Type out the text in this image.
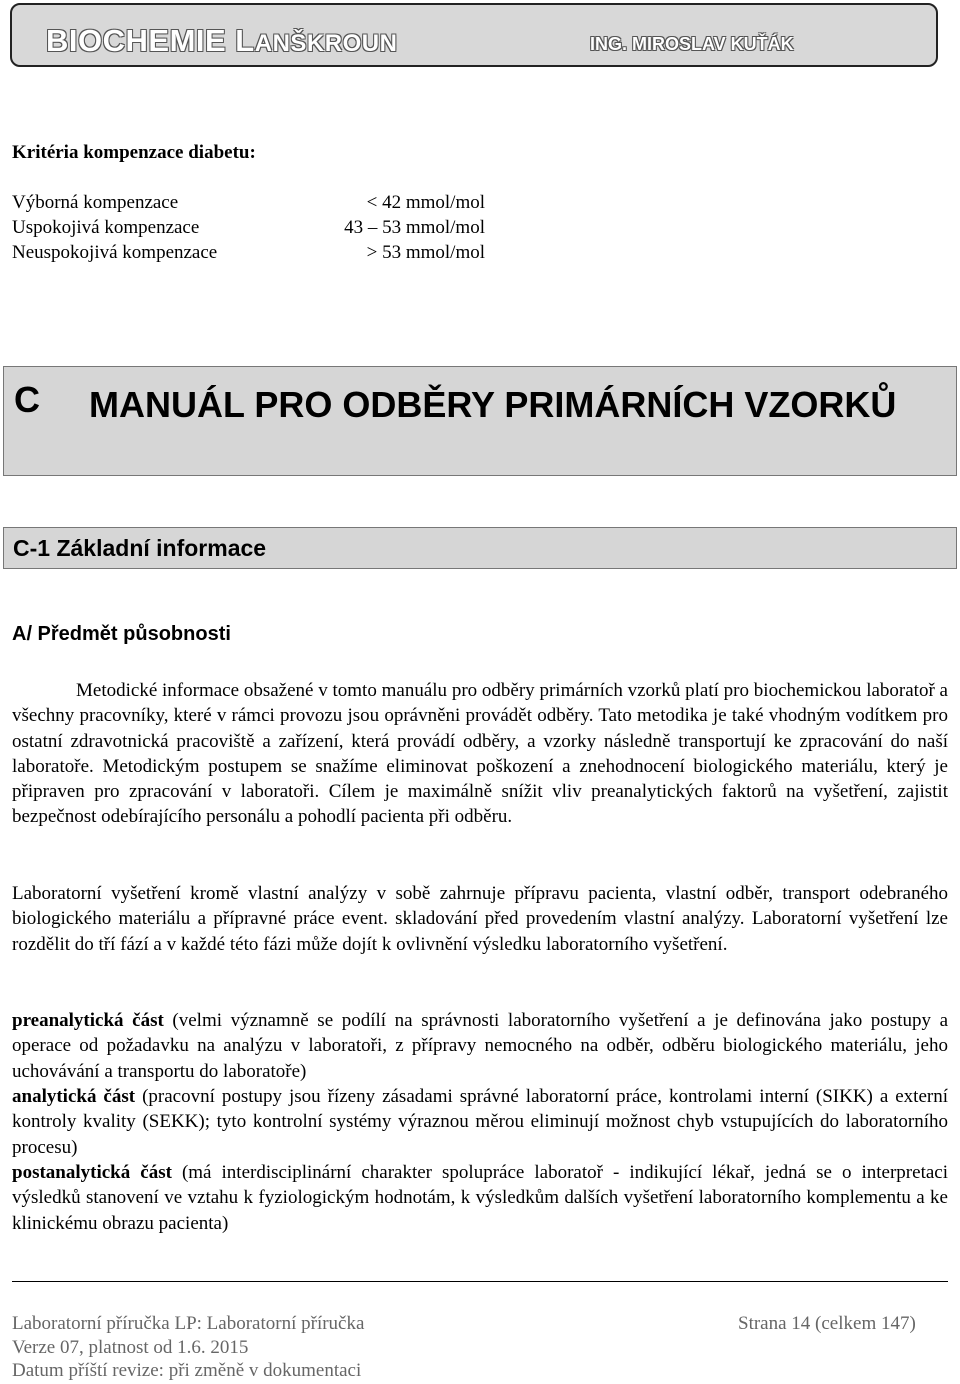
BIOCHEMIE LANŠKROUN	ING. MIROSLAV KUŤÁK
Kritéria kompenzace diabetu:
Výborná kompenzace	< 42 mmol/mol
Uspokojivá kompenzace	43 – 53 mmol/mol
Neuspokojivá kompenzace	> 53 mmol/mol
C MANUÁL PRO ODBĚRY PRIMÁRNÍCH VZORKŮ
C-1 Základní informace
A/ Předmět působnosti
Metodické informace obsažené v tomto manuálu pro odběry primárních vzorků platí pro biochemickou laboratoř a všechny pracovníky, které v rámci provozu jsou oprávněni provádět odběry. Tato metodika je také vhodným vodítkem pro ostatní zdravotnická pracoviště a zařízení, která provádí odběry, a vzorky následně transportují ke zpracování do naší laboratoře. Metodickým postupem se snažíme eliminovat poškození a znehodnocení biologického materiálu, který je připraven pro zpracování v laboratoři. Cílem je maximálně snížit vliv preanalytických faktorů na vyšetření, zajistit bezpečnost odebírajícího personálu a pohodlí pacienta při odběru.
Laboratorní vyšetření kromě vlastní analýzy v sobě zahrnuje přípravu pacienta, vlastní odběr, transport odebraného biologického materiálu a přípravné práce event. skladování před provedením vlastní analýzy. Laboratorní vyšetření lze rozdělit do tří fází a v každé této fázi může dojít k ovlivnění výsledku laboratorního vyšetření.
preanalytická část (velmi významně se podílí na správnosti laboratorního vyšetření a je definována jako postupy a operace od požadavku na analýzu v laboratoři, z přípravy nemocného na odběr, odběru biologického materiálu, jeho uchovávání a transportu do laboratoře)
analytická část (pracovní postupy jsou řízeny zásadami správné laboratorní práce, kontrolami interní (SIKK) a externí kontroly kvality (SEKK); tyto kontrolní systémy výraznou měrou eliminují možnost chyb vstupujících do laboratorního procesu)
postanalytická část (má interdisciplinární charakter spolupráce laboratoř - indikující lékař, jedná se o interpretaci výsledků stanovení ve vztahu k fyziologickým hodnotám, k výsledkům dalších vyšetření laboratorního komplementu a ke klinickému obrazu pacienta)
Laboratorní příručka LP: Laboratorní příručka	Strana 14 (celkem 147)
Verze 07, platnost od 1.6. 2015
Datum příští revize: při změně v dokumentaci
